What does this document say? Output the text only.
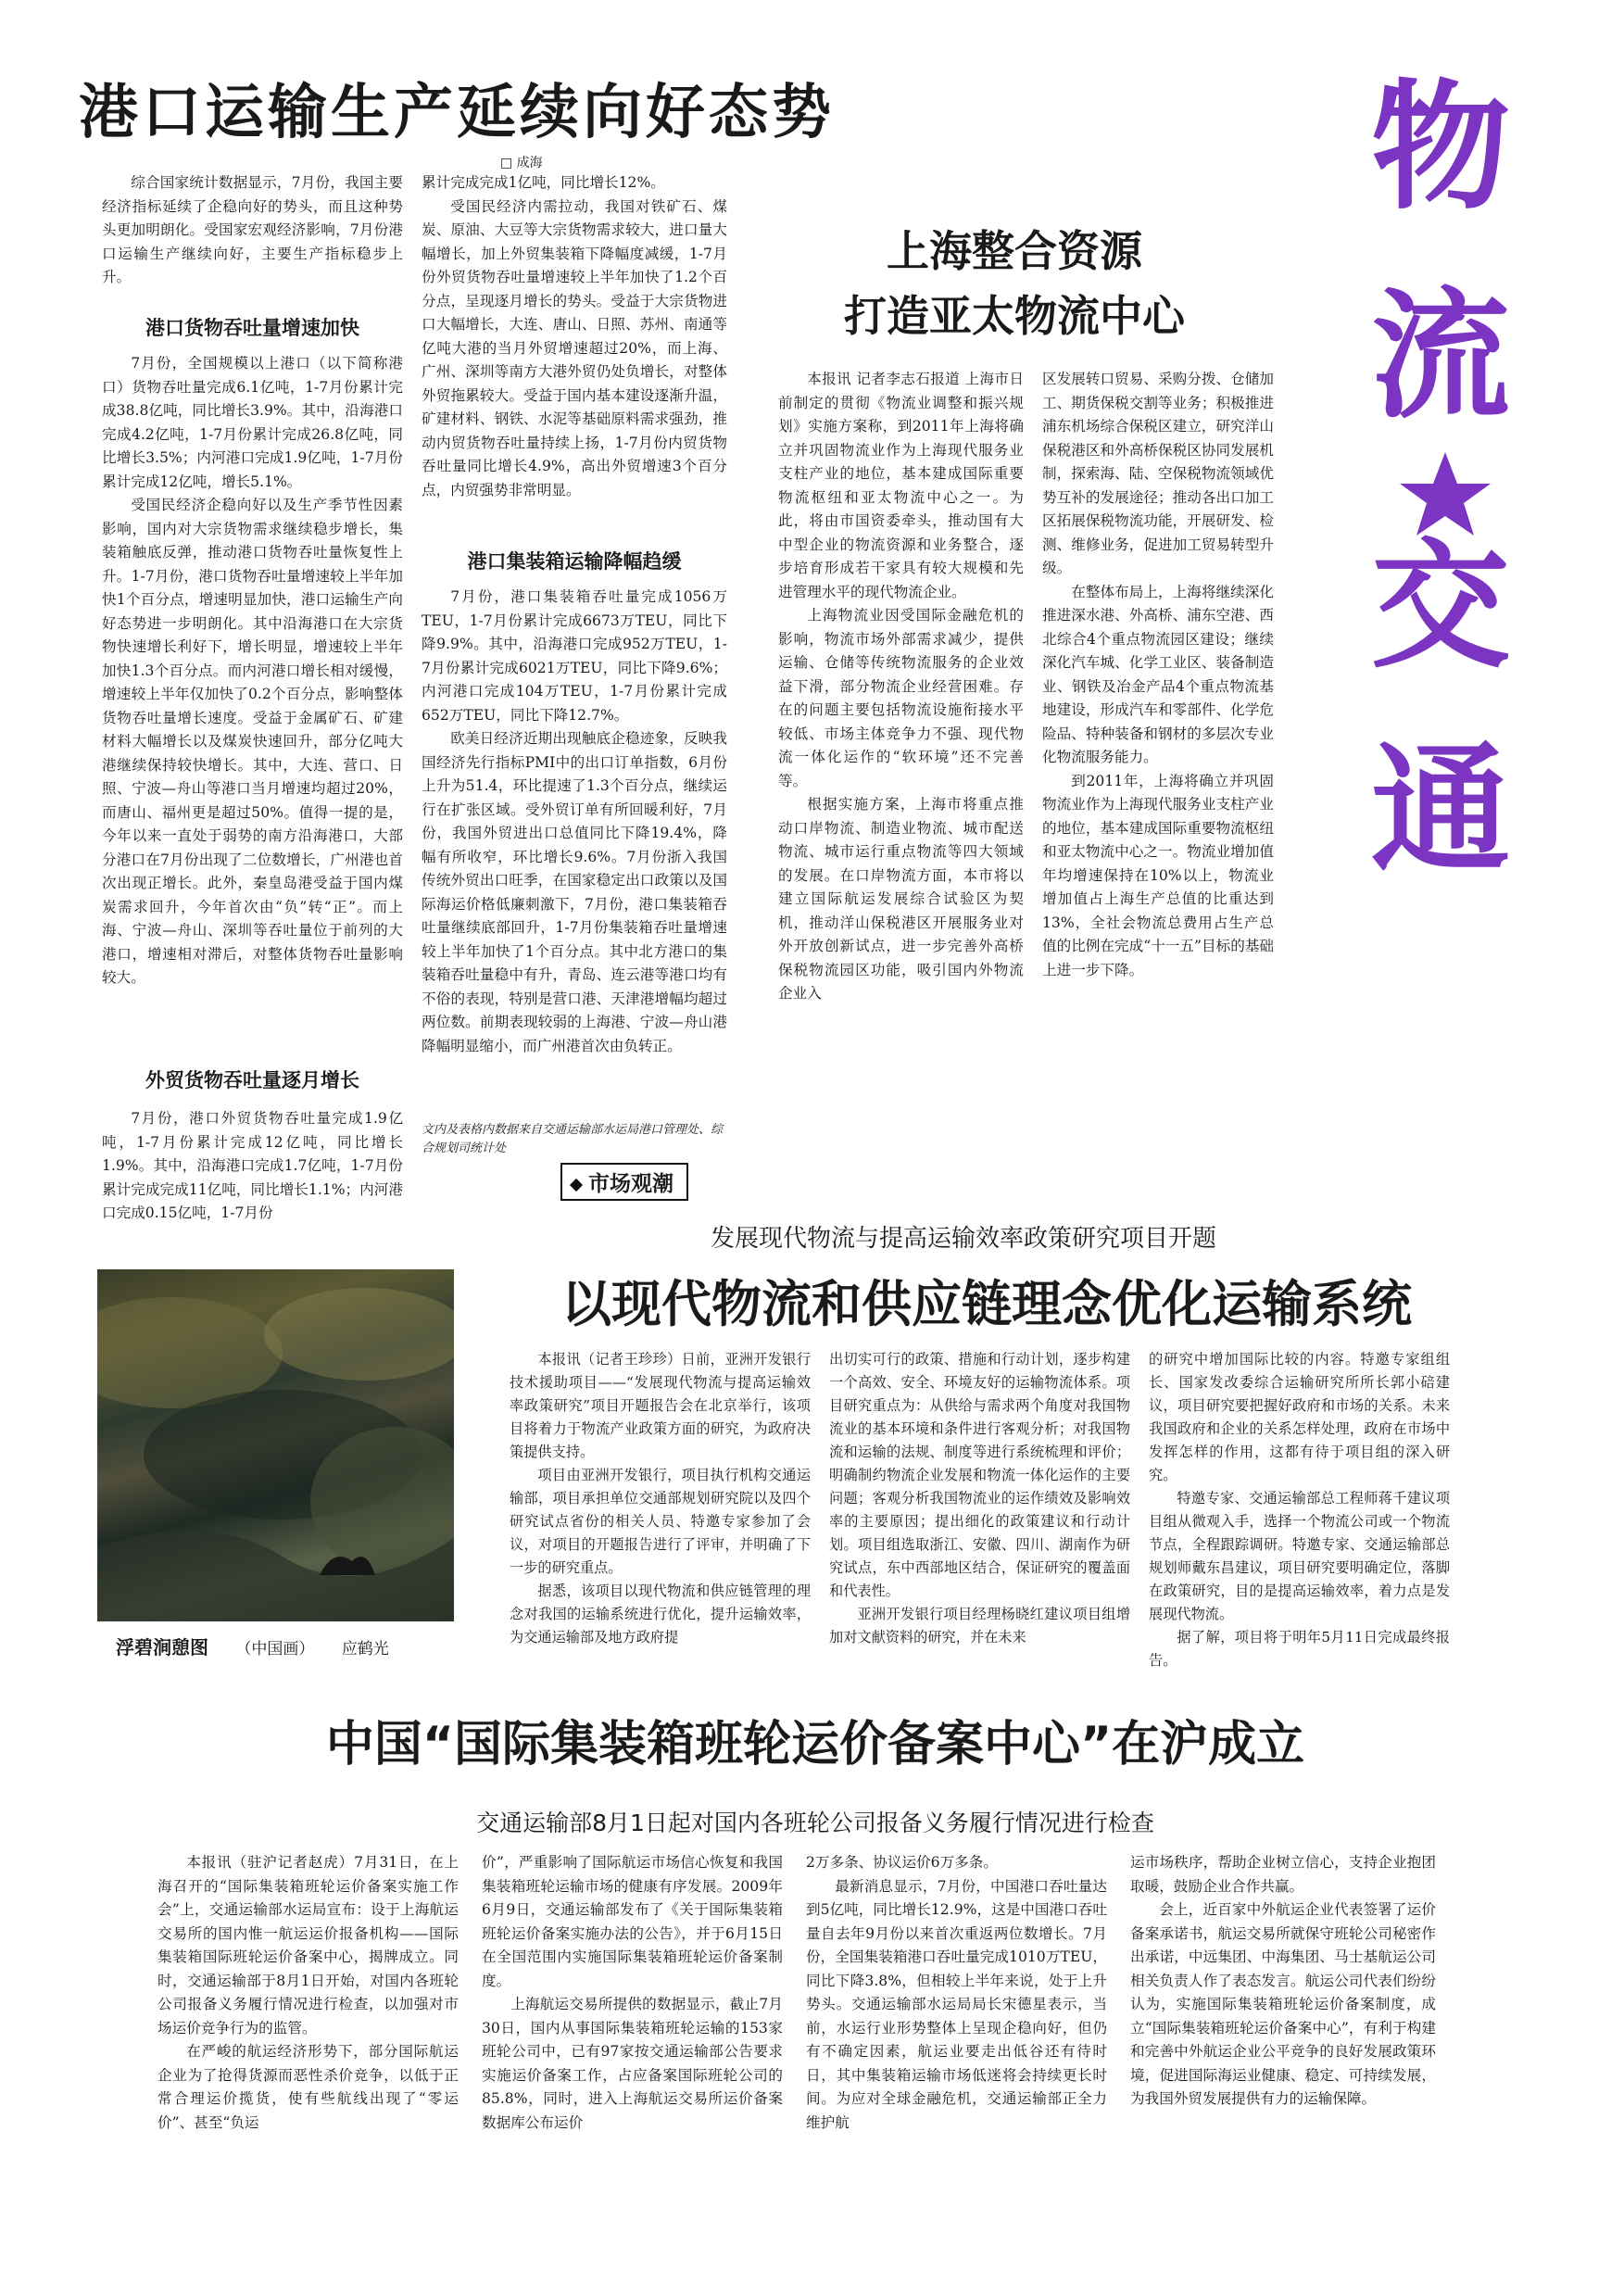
物
流
交
通
港口运输生产延续向好态势
□ 成海

综合国家统计数据显示，7月份，我国主要经济指标延续了企稳向好的势头，而且这种势头更加明朗化。受国家宏观经济影响，7月份港口运输生产继续向好，主要生产指标稳步上升。

港口货物吞吐量增速加快

7月份，全国规模以上港口（以下简称港口）货物吞吐量完成6.1亿吨，1-7月份累计完成38.8亿吨，同比增长3.9%。其中，沿海港口完成4.2亿吨，1-7月份累计完成26.8亿吨，同比增长3.5%；内河港口完成1.9亿吨，1-7月份累计完成12亿吨，增长5.1%。

受国民经济企稳向好以及生产季节性因素影响，国内对大宗货物需求继续稳步增长，集装箱触底反弹，推动港口货物吞吐量恢复性上升。1-7月份，港口货物吞吐量增速较上半年加快1个百分点，增速明显加快，港口运输生产向好态势进一步明朗化。其中沿海港口在大宗货物快速增长利好下，增长明显，增速较上半年加快1.3个百分点。而内河港口增长相对缓慢，增速较上半年仅加快了0.2个百分点，影响整体货物吞吐量增长速度。受益于金属矿石、矿建材料大幅增长以及煤炭快速回升，部分亿吨大港继续保持较快增长。其中，大连、营口、日照、宁波—舟山等港口当月增速均超过20%，而唐山、福州更是超过50%。值得一提的是，今年以来一直处于弱势的南方沿海港口，大部分港口在7月份出现了二位数增长，广州港也首次出现正增长。此外，秦皇岛港受益于国内煤炭需求回升，今年首次由“负”转“正”。而上海、宁波—舟山、深圳等吞吐量位于前列的大港口，增速相对滞后，对整体货物吞吐量影响较大。

外贸货物吞吐量逐月增长

7月份，港口外贸货物吞吐量完成1.9亿吨，1-7月份累计完成12亿吨，同比增长1.9%。其中，沿海港口完成1.7亿吨，1-7月份累计完成完成11亿吨，同比增长1.1%；内河港口完成0.15亿吨，1-7月份

累计完成完成1亿吨，同比增长12%。

受国民经济内需拉动，我国对铁矿石、煤炭、原油、大豆等大宗货物需求较大，进口量大幅增长，加上外贸集装箱下降幅度减缓，1-7月份外贸货物吞吐量增速较上半年加快了1.2个百分点，呈现逐月增长的势头。受益于大宗货物进口大幅增长，大连、唐山、日照、苏州、南通等亿吨大港的当月外贸增速超过20%，而上海、广州、深圳等南方大港外贸仍处负增长，对整体外贸拖累较大。受益于国内基本建设逐渐升温，矿建材料、钢铁、水泥等基础原料需求强劲，推动内贸货物吞吐量持续上扬，1-7月份内贸货物吞吐量同比增长4.9%，高出外贸增速3个百分点，内贸强势非常明显。

港口集装箱运输降幅趋缓

7月份，港口集装箱吞吐量完成1056万TEU，1-7月份累计完成6673万TEU，同比下降9.9%。其中，沿海港口完成952万TEU，1-7月份累计完成6021万TEU，同比下降9.6%；内河港口完成104万TEU，1-7月份累计完成652万TEU，同比下降12.7%。

欧美日经济近期出现触底企稳迹象，反映我国经济先行指标PMI中的出口订单指数，6月份上升为51.4，环比提速了1.3个百分点，继续运行在扩张区域。受外贸订单有所回暖利好，7月份，我国外贸进出口总值同比下降19.4%，降幅有所收窄，环比增长9.6%。7月份浙入我国传统外贸出口旺季，在国家稳定出口政策以及国际海运价格低廉刺激下，7月份，港口集装箱吞吐量继续底部回升，1-7月份集装箱吞吐量增速较上半年加快了1个百分点。其中北方港口的集装箱吞吐量稳中有升，青岛、连云港等港口均有不俗的表现，特别是营口港、天津港增幅均超过两位数。前期表现较弱的上海港、宁波—舟山港降幅明显缩小，而广州港首次由负转正。

文内及表格内数据来自交通运输部水运局港口管理处、综合规划司统计处
上海整合资源
打造亚太物流中心

本报讯 记者李志石报道 上海市日前制定的贯彻《物流业调整和振兴规划》实施方案称，到2011年上海将确立并巩固物流业作为上海现代服务业支柱产业的地位，基本建成国际重要物流枢纽和亚太物流中心之一。为此，将由市国资委牵头，推动国有大中型企业的物流资源和业务整合，逐步培育形成若干家具有较大规模和先进管理水平的现代物流企业。

上海物流业因受国际金融危机的影响，物流市场外部需求减少，提供运输、仓储等传统物流服务的企业效益下滑，部分物流企业经营困难。存在的问题主要包括物流设施衔接水平较低、市场主体竞争力不强、现代物流一体化运作的“软环境”还不完善等。

根据实施方案，上海市将重点推动口岸物流、制造业物流、城市配送物流、城市运行重点物流等四大领域的发展。在口岸物流方面，本市将以建立国际航运发展综合试验区为契机，推动洋山保税港区开展服务业对外开放创新试点，进一步完善外高桥保税物流园区功能，吸引国内外物流企业入

区发展转口贸易、采购分拨、仓储加工、期货保税交割等业务；积极推进浦东机场综合保税区建立，研究洋山保税港区和外高桥保税区协同发展机制，探索海、陆、空保税物流领域优势互补的发展途径；推动各出口加工区拓展保税物流功能，开展研发、检测、维修业务，促进加工贸易转型升级。

在整体布局上，上海将继续深化推进深水港、外高桥、浦东空港、西北综合4个重点物流园区建设；继续深化汽车城、化学工业区、装备制造业、钢铁及冶金产品4个重点物流基地建设，形成汽车和零部件、化学危险品、特种装备和钢材的多层次专业化物流服务能力。

到2011年，上海将确立并巩固物流业作为上海现代服务业支柱产业的地位，基本建成国际重要物流枢纽和亚太物流中心之一。物流业增加值年均增速保持在10%以上，物流业增加值占上海生产总值的比重达到13%，全社会物流总费用占生产总值的比例在完成“十一五”目标的基础上进一步下降。

市场观潮
发展现代物流与提高运输效率政策研究项目开题
以现代物流和供应链理念优化运输系统
浮碧涧憩图 （中国画） 应鹤光

本报讯（记者王珍珍）日前，亚洲开发银行技术援助项目——“发展现代物流与提高运输效率政策研究”项目开题报告会在北京举行，该项目将着力于物流产业政策方面的研究，为政府决策提供支持。

项目由亚洲开发银行，项目执行机构交通运输部，项目承担单位交通部规划研究院以及四个研究试点省份的相关人员、特邀专家参加了会议，对项目的开题报告进行了评审，并明确了下一步的研究重点。

据悉，该项目以现代物流和供应链管理的理念对我国的运输系统进行优化，提升运输效率，为交通运输部及地方政府提

出切实可行的政策、措施和行动计划，逐步构建一个高效、安全、环境友好的运输物流体系。项目研究重点为：从供给与需求两个角度对我国物流业的基本环境和条件进行客观分析；对我国物流和运输的法规、制度等进行系统梳理和评价；明确制约物流企业发展和物流一体化运作的主要问题；客观分析我国物流业的运作绩效及影响效率的主要原因；提出细化的政策建议和行动计划。项目组选取浙江、安徽、四川、湖南作为研究试点，东中西部地区结合，保证研究的覆盖面和代表性。

亚洲开发银行项目经理杨晓红建议项目组增加对文献资料的研究，并在未来

的研究中增加国际比较的内容。特邀专家组组长、国家发改委综合运输研究所所长郭小碚建议，项目研究要把握好政府和市场的关系。未来我国政府和企业的关系怎样处理，政府在市场中发挥怎样的作用，这都有待于项目组的深入研究。

特邀专家、交通运输部总工程师蒋千建议项目组从微观入手，选择一个物流公司或一个物流节点，全程跟踪调研。特邀专家、交通运输部总规划师戴东昌建议，项目研究要明确定位，落脚在政策研究，目的是提高运输效率，着力点是发展现代物流。

据了解，项目将于明年5月11日完成最终报告。

中国“国际集装箱班轮运价备案中心”在沪成立
交通运输部8月1日起对国内各班轮公司报备义务履行情况进行检查

本报讯（驻沪记者赵虎）7月31日，在上海召开的“国际集装箱班轮运价备案实施工作会”上，交通运输部水运局宣布：设于上海航运交易所的国内惟一航运运价报备机构——国际集装箱国际班轮运价备案中心，揭牌成立。同时，交通运输部于8月1日开始，对国内各班轮公司报备义务履行情况进行检查，以加强对市场运价竞争行为的监管。

在严峻的航运经济形势下，部分国际航运企业为了抢得货源而恶性杀价竞争，以低于正常合理运价揽货，使有些航线出现了“零运价”、甚至“负运

价”，严重影响了国际航运市场信心恢复和我国集装箱班轮运输市场的健康有序发展。2009年6月9日，交通运输部发布了《关于国际集装箱班轮运价备案实施办法的公告》，并于6月15日在全国范围内实施国际集装箱班轮运价备案制度。

上海航运交易所提供的数据显示，截止7月30日，国内从事国际集装箱班轮运输的153家班轮公司中，已有97家按交通运输部公告要求实施运价备案工作，占应备案国际班轮公司的85.8%，同时，进入上海航运交易所运价备案数据库公布运价

2万多条、协议运价6万多条。

最新消息显示，7月份，中国港口吞吐量达到5亿吨，同比增长12.9%，这是中国港口吞吐量自去年9月份以来首次重返两位数增长。7月份，全国集装箱港口吞吐量完成1010万TEU，同比下降3.8%，但相较上半年来说，处于上升势头。交通运输部水运局局长宋德星表示，当前，水运行业形势整体上呈现企稳向好，但仍有不确定因素，航运业要走出低谷还有待时日，其中集装箱运输市场低迷将会持续更长时间。为应对全球金融危机，交通运输部正全力维护航

运市场秩序，帮助企业树立信心，支持企业抱团取暖，鼓励企业合作共赢。

会上，近百家中外航运企业代表签署了运价备案承诺书，航运交易所就保守班轮公司秘密作出承诺，中远集团、中海集团、马士基航运公司相关负责人作了表态发言。航运公司代表们纷纷认为，实施国际集装箱班轮运价备案制度，成立“国际集装箱班轮运价备案中心”，有利于构建和完善中外航运企业公平竞争的良好发展政策环境，促进国际海运业健康、稳定、可持续发展，为我国外贸发展提供有力的运输保障。
